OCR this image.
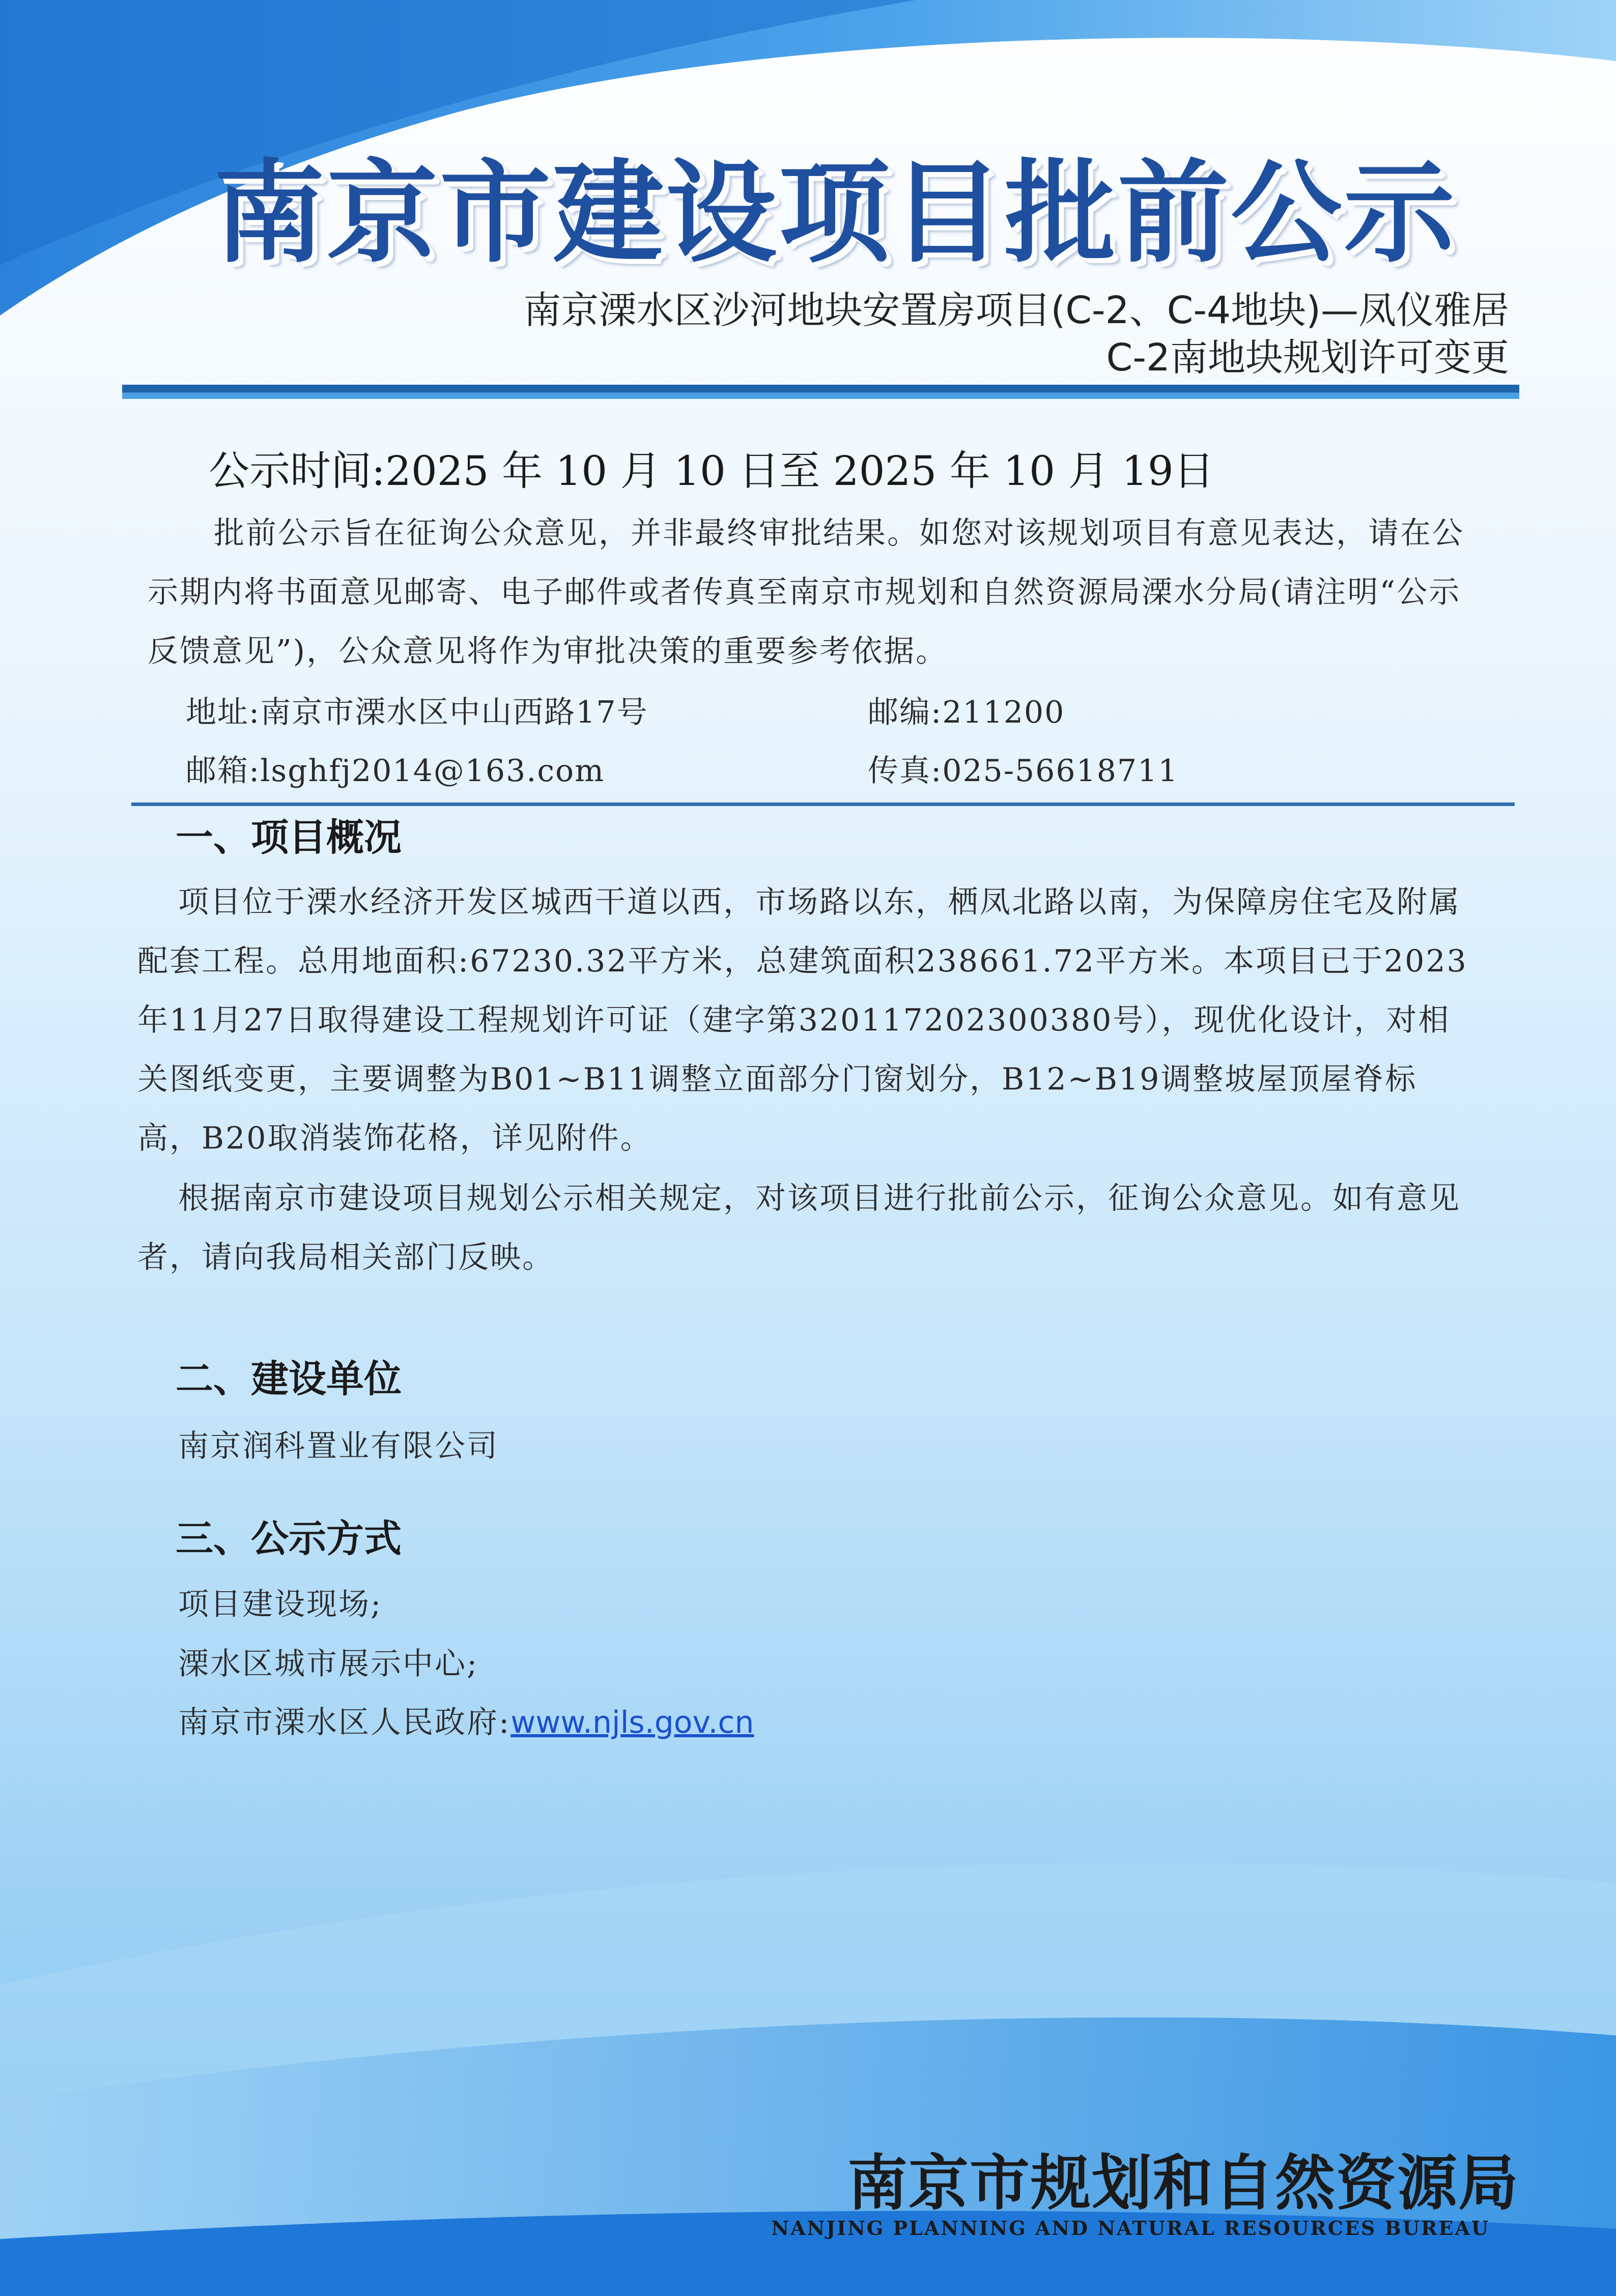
南京市建设项目批前公示
南京溧水区沙河地块安置房项目(C-2、C-4地块)—凤仪雅居
C-2南地块规划许可变更
公示时间:2025 年 10 月 10 日至 2025 年 10 月 19日

批前公示旨在征询公众意见，并非最终审批结果。如您对该规划项目有意见表达，请在公示期内将书面意见邮寄、电子邮件或者传真至南京市规划和自然资源局溧水分局(请注明“公示反馈意见”)，公众意见将作为审批决策的重要参考依据。

地址:南京市溧水区中山西路17号	邮编:211200
邮箱:lsghfj2014@163.com	传真:025-56618711
一、项目概况

项目位于溧水经济开发区城西干道以西，市场路以东，栖凤北路以南，为保障房住宅及附属配套工程。总用地面积:67230.32平方米，总建筑面积238661.72平方米。本项目已于2023年11月27日取得建设工程规划许可证（建字第320117202300380号），现优化设计，对相关图纸变更，主要调整为B01~B11调整立面部分门窗划分，B12~B19调整坡屋顶屋脊标高，B20取消装饰花格，详见附件。

根据南京市建设项目规划公示相关规定，对该项目进行批前公示，征询公众意见。如有意见者，请向我局相关部门反映。

二、建设单位
南京润科置业有限公司
三、公示方式
项目建设现场;
溧水区城市展示中心;
南京市溧水区人民政府:www.njls.gov.cn
南京市规划和自然资源局
NANJING PLANNING AND NATURAL RESOURCES BUREAU
